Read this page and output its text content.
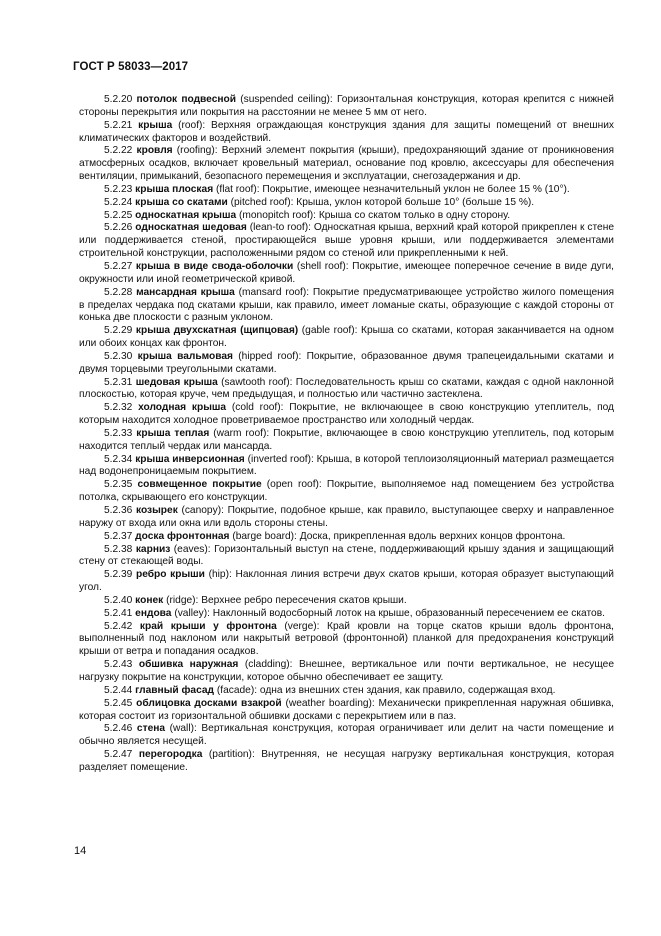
ГОСТ Р 58033—2017

5.2.20 потолок подвесной (suspended ceiling): Горизонтальная конструкция, которая крепится с нижней стороны перекрытия или покрытия на расстоянии не менее 5 мм от него.

5.2.21 крыша (roof): Верхняя ограждающая конструкция здания для защиты помещений от внешних климатических факторов и воздействий.

5.2.22 кровля (roofing): Верхний элемент покрытия (крыши), предохраняющий здание от проникновения атмосферных осадков, включает кровельный материал, основание под кровлю, аксессуары для обеспечения вентиляции, примыканий, безопасного перемещения и эксплуатации, снегозадержания и др.

5.2.23 крыша плоская (flat roof): Покрытие, имеющее незначительный уклон не более 15 % (10°).

5.2.24 крыша со скатами (pitched roof): Крыша, уклон которой больше 10° (больше 15 %).

5.2.25 односкатная крыша (monopitch roof): Крыша со скатом только в одну сторону.

5.2.26 односкатная шедовая (lean-to roof): Односкатная крыша, верхний край которой прикреплен к стене или поддерживается стеной, простирающейся выше уровня крыши, или поддерживается элементами строительной конструкции, расположенными рядом со стеной или прикрепленными к ней.

5.2.27 крыша в виде свода-оболочки (shell roof): Покрытие, имеющее поперечное сечение в виде дуги, окружности или иной геометрической кривой.

5.2.28 мансардная крыша (mansard roof): Покрытие предусматривающее устройство жилого помещения в пределах чердака под скатами крыши, как правило, имеет ломаные скаты, образующие с каждой стороны от конька две плоскости с разным уклоном.

5.2.29 крыша двухскатная (щипцовая) (gable roof): Крыша со скатами, которая заканчивается на одном или обоих концах как фронтон.

5.2.30 крыша вальмовая (hipped roof): Покрытие, образованное двумя трапецеидальными скатами и двумя торцевыми треугольными скатами.

5.2.31 шедовая крыша (sawtooth roof): Последовательность крыш со скатами, каждая с одной наклонной плоскостью, которая круче, чем предыдущая, и полностью или частично застеклена.

5.2.32 холодная крыша (cold roof): Покрытие, не включающее в свою конструкцию утеплитель, под которым находится холодное проветриваемое пространство или холодный чердак.

5.2.33 крыша теплая (warm roof): Покрытие, включающее в свою конструкцию утеплитель, под которым находится теплый чердак или мансарда.

5.2.34 крыша инверсионная (inverted roof): Крыша, в которой теплоизоляционный материал размещается над водонепроницаемым покрытием.

5.2.35 совмещенное покрытие (open roof): Покрытие, выполняемое над помещением без устройства потолка, скрывающего его конструкции.

5.2.36 козырек (canopy): Покрытие, подобное крыше, как правило, выступающее сверху и направленное наружу от входа или окна или вдоль стороны стены.

5.2.37 доска фронтонная (barge board): Доска, прикрепленная вдоль верхних концов фронтона.

5.2.38 карниз (eaves): Горизонтальный выступ на стене, поддерживающий крышу здания и защищающий стену от стекающей воды.

5.2.39 ребро крыши (hip): Наклонная линия встречи двух скатов крыши, которая образует выступающий угол.

5.2.40 конек (ridge): Верхнее ребро пересечения скатов крыши.

5.2.41 ендова (valley): Наклонный водосборный лоток на крыше, образованный пересечением ее скатов.

5.2.42 край крыши у фронтона (verge): Край кровли на торце скатов крыши вдоль фронтона, выполненный под наклоном или накрытый ветровой (фронтонной) планкой для предохранения конструкций крыши от ветра и попадания осадков.

5.2.43 обшивка наружная (cladding): Внешнее, вертикальное или почти вертикальное, не несущее нагрузку покрытие на конструкции, которое обычно обеспечивает ее защиту.

5.2.44 главный фасад (facade): одна из внешних стен здания, как правило, содержащая вход.

5.2.45 облицовка досками взакрой (weather boarding): Механически прикрепленная наружная обшивка, которая состоит из горизонтальной обшивки досками с перекрытием или в паз.

5.2.46 стена (wall): Вертикальная конструкция, которая ограничивает или делит на части помещение и обычно является несущей.

5.2.47 перегородка (partition): Внутренняя, не несущая нагрузку вертикальная конструкция, которая разделяет помещение.

14
